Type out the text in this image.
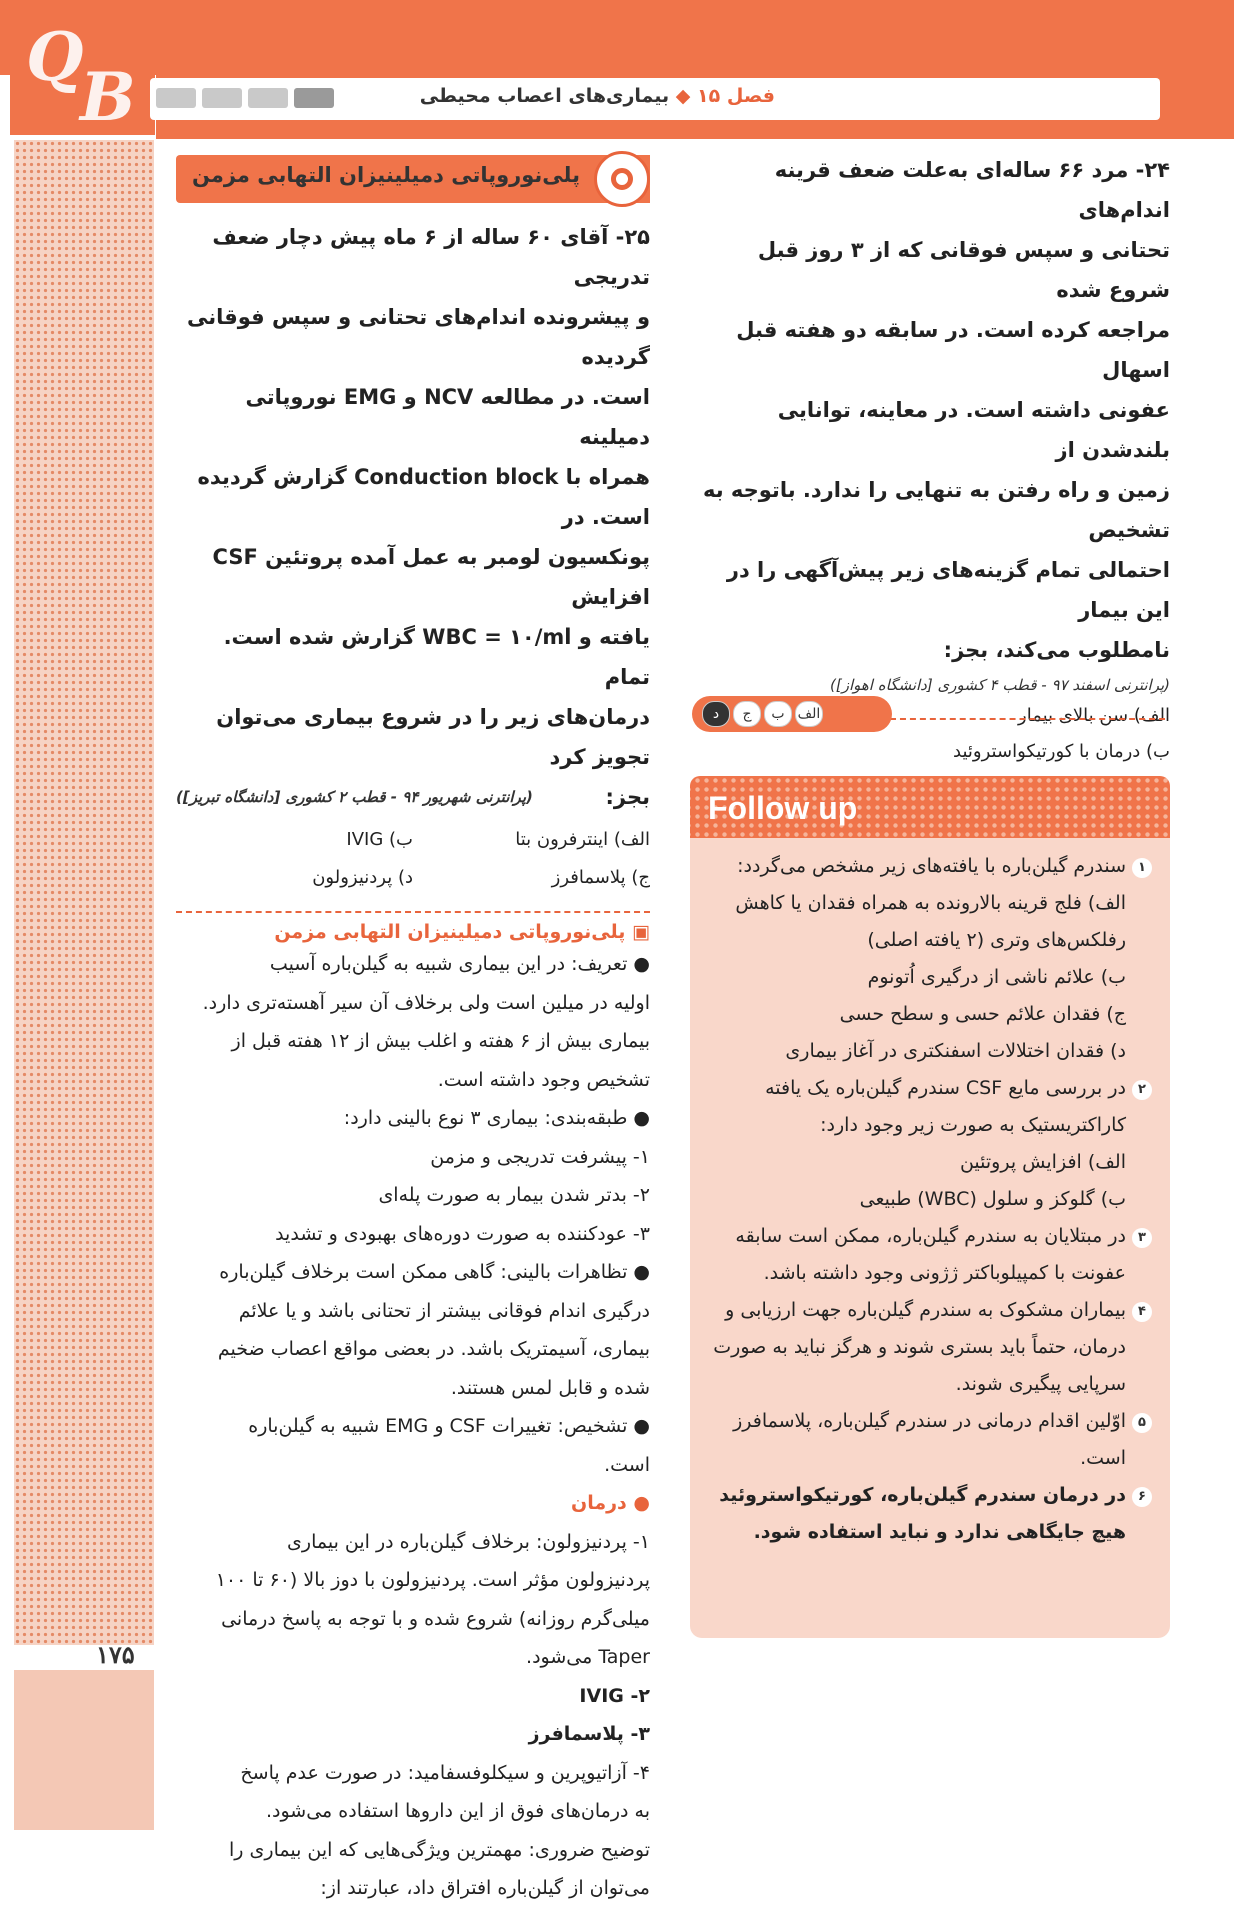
Q
B	فصل ۱۵ ◆ بیماری‌های اعصاب محیطی
۱۷۵
۲۴- مرد ۶۶ ساله‌ای به‌علت ضعف قرینه اندام‌های
تحتانی و سپس فوقانی که از ۳ روز قبل شروع شده
مراجعه کرده است. در سابقه دو هفته قبل اسهال
عفونی داشته است. در معاینه، توانایی بلندشدن از
زمین و راه رفتن به تنهایی را ندارد. باتوجه به تشخیص
احتمالی تمام گزینه‌های زیر پیش‌آگهی را در این بیمار
نامطلوب می‌کند، بجز:
(پرانترنی اسفند ۹۷ - قطب ۴ کشوری [دانشگاه اهواز])
الف) سن بالای بیمار
ب) درمان با کورتیکواستروئید
د	ج	ب الف
Follow up
۱
سندرم گیلن‌باره با یافته‌های زیر مشخص می‌گردد:
الف) فلج قرینه بالارونده به همراه فقدان یا کاهش رفلکس‌های وتری (۲ یافته اصلی)
ب) علائم ناشی از درگیری اُتونوم
ج) فقدان علائم حسی و سطح حسی
د) فقدان اختلالات اسفنکتری در آغاز بیماری
۲
در بررسی مایع CSF سندرم گیلن‌باره یک یافته کاراکتریستیک به صورت زیر وجود دارد:
الف) افزایش پروتئین
ب) گلوکز و سلول (WBC) طبیعی
۳
در مبتلایان به سندرم گیلن‌باره، ممکن است سابقه عفونت با کمپیلوباکتر ژژونی وجود داشته باشد.
۴
بیماران مشکوک به سندرم گیلن‌باره جهت ارزیابی و درمان، حتماً باید بستری شوند و هرگز نباید به صورت سرپایی پیگیری شوند.
۵
اوّلین اقدام درمانی در سندرم گیلن‌باره، پلاسمافرز است.
۶
در درمان سندرم گیلن‌باره، کورتیکواستروئید هیچ جایگاهی ندارد و نباید استفاده شود.
پلی‌نوروپاتی دمیلینیزان التهابی مزمن
۲۵- آقای ۶۰ ساله از ۶ ماه پیش دچار ضعف تدریجی
و پیشرونده اندام‌های تحتانی و سپس فوقانی گردیده
است. در مطالعه NCV و EMG نوروپاتی دمیلینه
همراه با Conduction block گزارش گردیده است. در
پونکسیون لومبر به عمل آمده پروتئین CSF افزایش
یافته و WBC = ۱۰/ml گزارش شده است. تمام
درمان‌های زیر را در شروع بیماری می‌توان تجویز کرد
بجز:
(پرانترنی شهریور ۹۴ - قطب ۲ کشوری [دانشگاه تبریز])
الف) اینترفرون بتا
ب) IVIG
ج) پلاسمافرز
د) پردنیزولون
▣ پلی‌نوروپاتی دمیلینیزان التهابی مزمن
● تعریف: در این بیماری شبیه به گیلن‌باره آسیب
اولیه در میلین است ولی برخلاف آن سیر آهسته‌تری دارد.
بیماری بیش از ۶ هفته و اغلب بیش از ۱۲ هفته قبل از
تشخیص وجود داشته است.
● طبقه‌بندی: بیماری ۳ نوع بالینی دارد:
۱- پیشرفت تدریجی و مزمن
۲- بدتر شدن بیمار به صورت پله‌ای
۳- عودکننده به صورت دوره‌های بهبودی و تشدید
● تظاهرات بالینی: گاهی ممکن است برخلاف گیلن‌باره
درگیری اندام فوقانی بیشتر از تحتانی باشد و یا علائم
بیماری، آسیمتریک باشد. در بعضی مواقع اعصاب ضخیم
شده و قابل لمس هستند.
● تشخیص: تغییرات CSF و EMG شبیه به گیلن‌باره
است.
● درمان
۱- پردنیزولون: برخلاف گیلن‌باره در این بیماری
پردنیزولون مؤثر است. پردنیزولون با دوز بالا (۶۰ تا ۱۰۰
میلی‌گرم روزانه) شروع شده و با توجه به پاسخ درمانی
Taper می‌شود.
۲- IVIG
۳- پلاسمافرز
۴- آزاتیوپرین و سیکلوفسفامید: در صورت عدم پاسخ
به درمان‌های فوق از این داروها استفاده می‌شود.
توضیح ضروری: مهمترین ویژگی‌هایی که این بیماری را
می‌توان از گیلن‌باره افتراق داد، عبارتند از:
